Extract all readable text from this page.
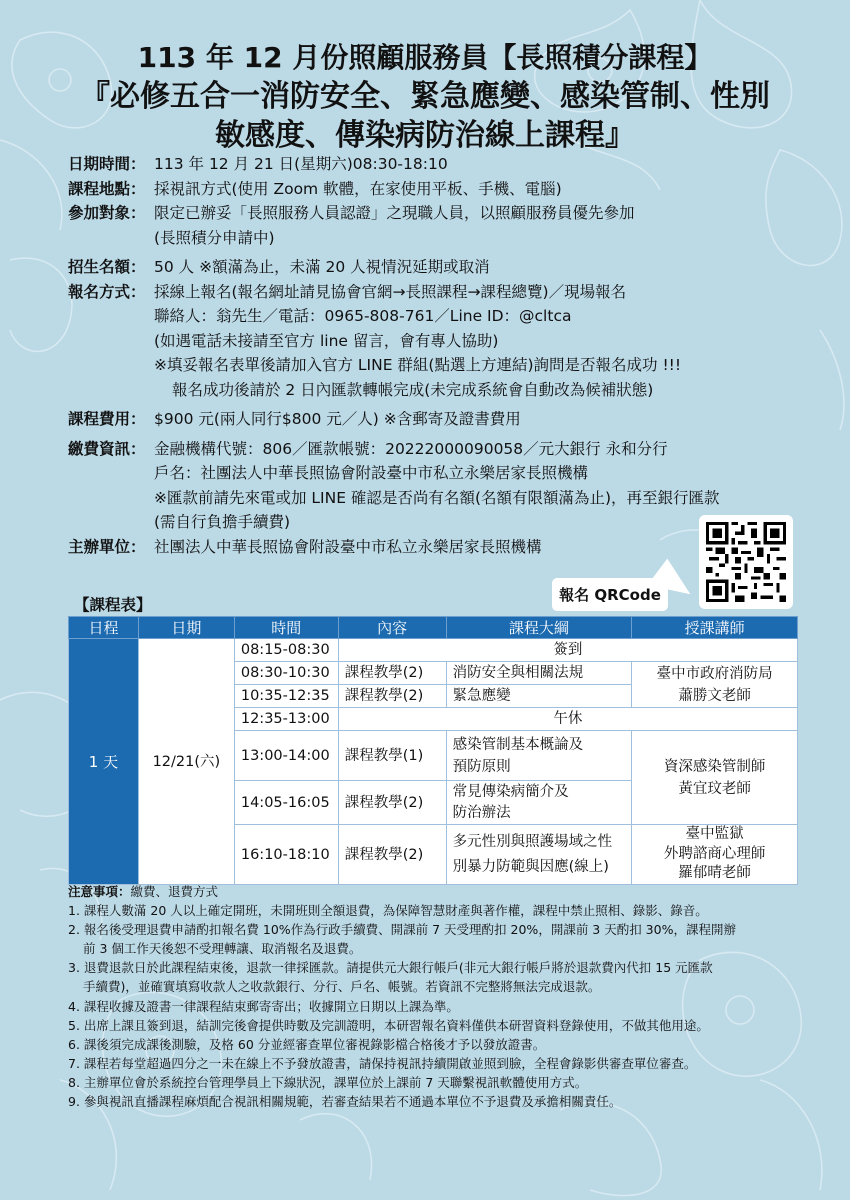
113 年 12 月份照顧服務員【長照積分課程】
『必修五合一消防安全、緊急應變、感染管制、性別
敏感度、傳染病防治線上課程』
日期時間： 113 年 12 月 21 日(星期六)08:30-18:10
課程地點： 採視訊方式(使用 Zoom 軟體，在家使用平板、手機、電腦)
參加對象： 限定已辦妥「長照服務人員認證」之現職人員，以照顧服務員優先參加
(長照積分申請中)
招生名額： 50 人 ※額滿為止，未滿 20 人視情況延期或取消
報名方式： 採線上報名(報名網址請見協會官網→長照課程→課程總覽)／現場報名
聯絡人：翁先生／電話：0965-808-761／Line ID：@cltca
(如遇電話未接請至官方 line 留言，會有專人協助)
※填妥報名表單後請加入官方 LINE 群組(點選上方連結)詢問是否報名成功 !!!
報名成功後請於 2 日內匯款轉帳完成(未完成系統會自動改為候補狀態)
課程費用： $900 元(兩人同行$800 元／人) ※含郵寄及證書費用
繳費資訊： 金融機構代號：806／匯款帳號：20222000090058／元大銀行 永和分行
戶名：社團法人中華長照協會附設臺中市私立永樂居家長照機構
※匯款前請先來電或加 LINE 確認是否尚有名額(名額有限額滿為止)，再至銀行匯款
(需自行負擔手續費)
主辦單位： 社團法人中華長照協會附設臺中市私立永樂居家長照機構
報名 QRCode
【課程表】
日程	日期	時間	內容	課程大綱	授課講師
1 天	12/21(六)	08:15-08:30	簽到		
		08:30-10:30	課程教學(2)	消防安全與相關法規	臺中市政府消防局
蕭勝文老師
		10:35-12:35	課程教學(2)	緊急應變	
		12:35-13:00	午休		
		13:00-14:00	課程教學(1)	感染管制基本概論及
預防原則	資深感染管制師
黃宜玟老師
		14:05-16:05	課程教學(2)	常見傳染病簡介及
防治辦法	
		16:10-18:10	課程教學(2)	多元性別與照護場域之性
別暴力防範與因應(線上)	臺中監獄
外聘諮商心理師
羅郁晴老師
注意事項：繳費、退費方式
1. 課程人數滿 20 人以上確定開班，未開班則全額退費，為保障智慧財產與著作權，課程中禁止照相、錄影、錄音。
2. 報名後受理退費申請酌扣報名費 10%作為行政手續費、開課前 7 天受理酌扣 20%，開課前 3 天酌扣 30%，課程開辦
前 3 個工作天後恕不受理轉讓、取消報名及退費。
3. 退費退款日於此課程結束後，退款一律採匯款。請提供元大銀行帳戶(非元大銀行帳戶將於退款費內代扣 15 元匯款
手續費)，並確實填寫收款人之收款銀行、分行、戶名、帳號。若資訊不完整將無法完成退款。
4. 課程收據及證書一律課程結束郵寄寄出；收據開立日期以上課為準。
5. 出席上課且簽到退，結訓完後會提供時數及完訓證明，本研習報名資料僅供本研習資料登錄使用，不做其他用途。
6. 課後須完成課後測驗，及格 60 分並經審查單位審視錄影檔合格後才予以發放證書。
7. 課程若每堂超過四分之一未在線上不予發放證書，請保持視訊持續開啟並照到臉，全程會錄影供審查單位審查。
8. 主辦單位會於系統控台管理學員上下線狀況，課單位於上課前 7 天聯繫視訊軟體使用方式。
9. 參與視訊直播課程麻煩配合視訊相關規範，若審查結果若不通過本單位不予退費及承擔相關責任。
